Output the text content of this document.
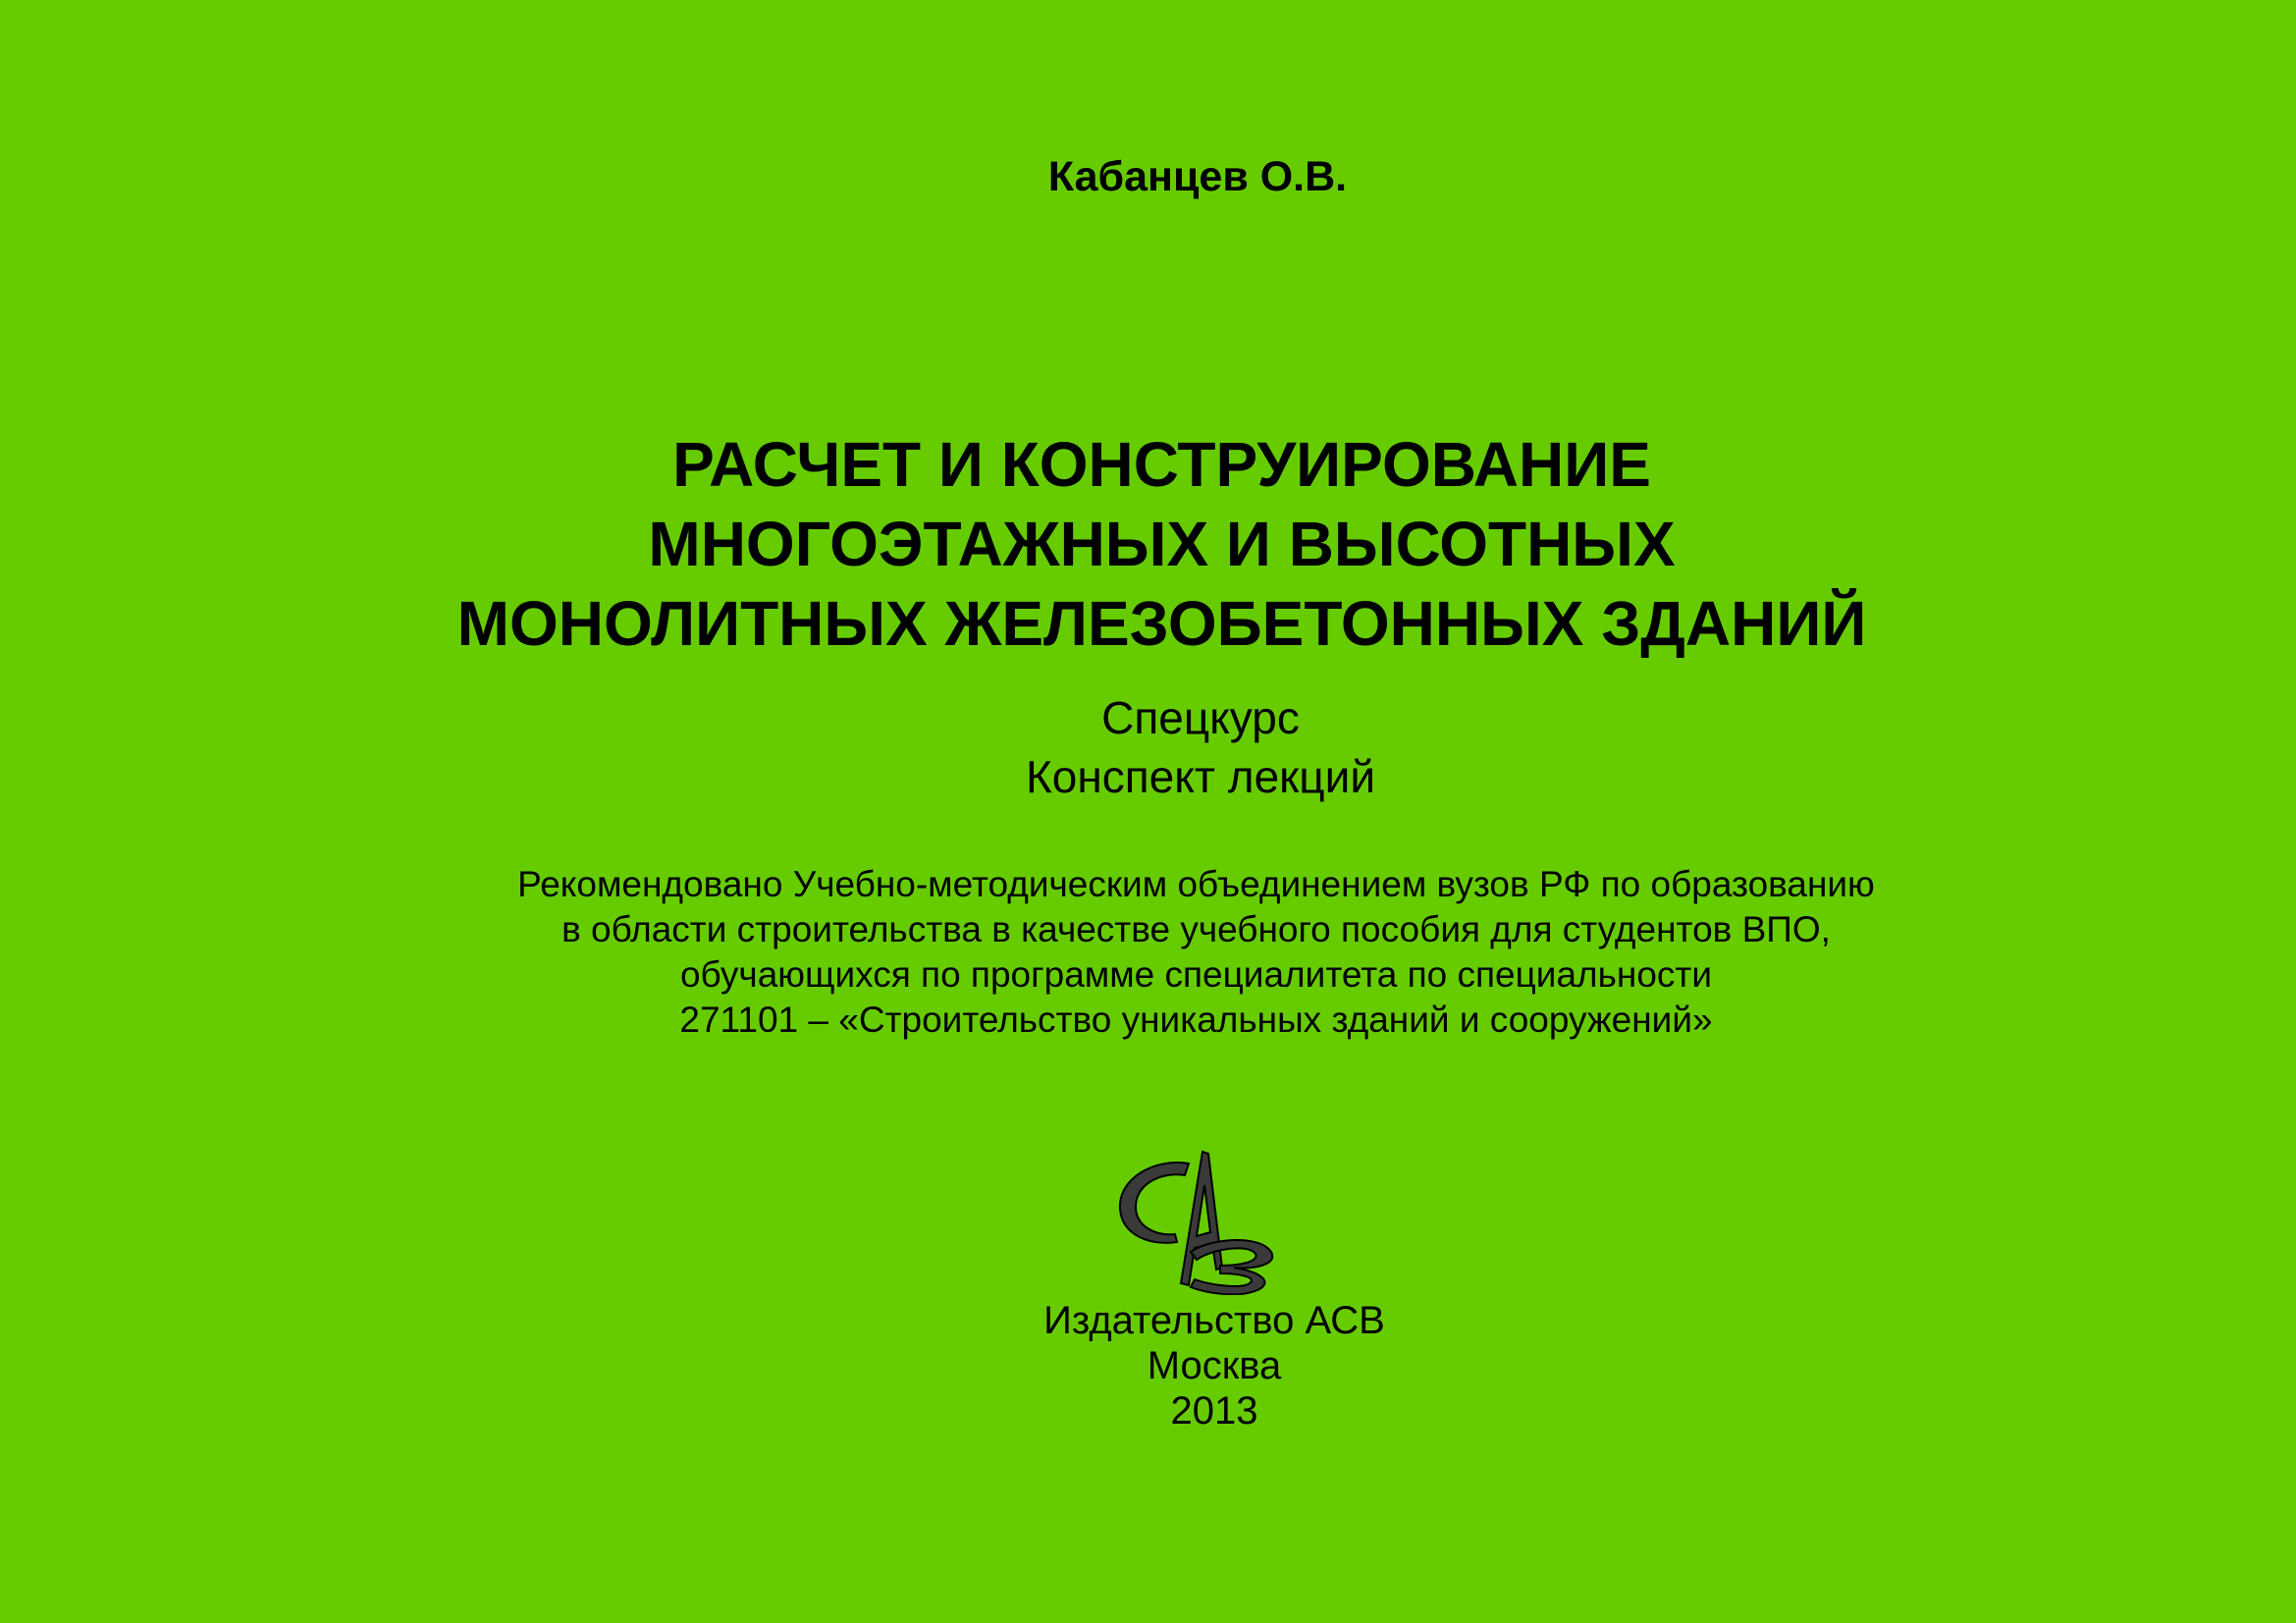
Кабанцев О.В.
РАСЧЕТ И КОНСТРУИРОВАНИЕ
МНОГОЭТАЖНЫХ И ВЫСОТНЫХ
МОНОЛИТНЫХ ЖЕЛЕЗОБЕТОННЫХ ЗДАНИЙ
Спецкурс
Конспект лекций
Рекомендовано Учебно-методическим объединением вузов РФ по образованию
в области строительства в качестве учебного пособия для студентов ВПО,
обучающихся по программе специалитета по специальности
271101 – «Строительство уникальных зданий и сооружений»
Издательство АСВ
Москва
2013
